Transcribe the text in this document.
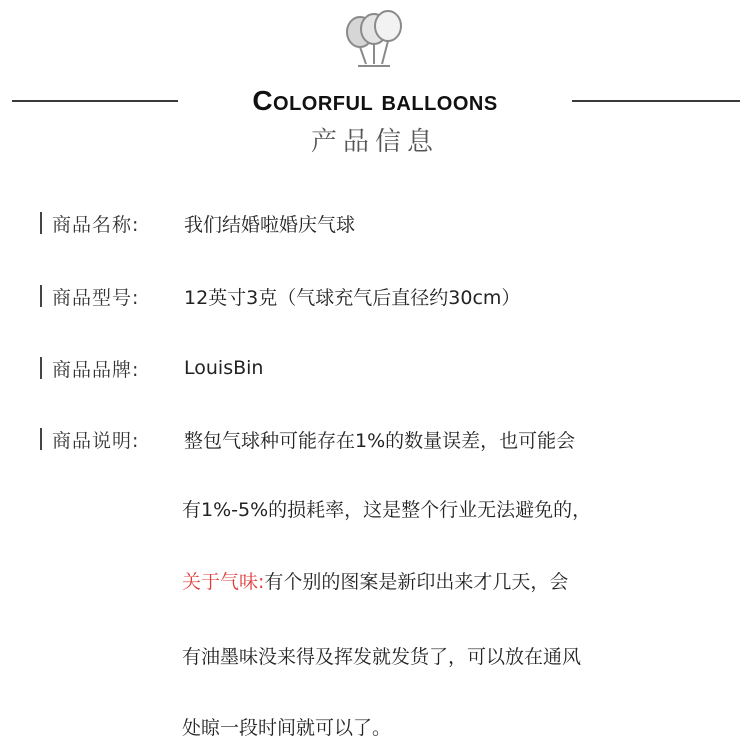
Colorful balloons
产品信息
商品名称:	我们结婚啦婚庆气球
商品型号:	12英寸3克（气球充气后直径约30cm）
商品品牌:	LouisBin
商品说明:	整包气球种可能存在1%的数量误差，也可能会
有1%-5%的损耗率，这是整个行业无法避免的，
关于气味:有个别的图案是新印出来才几天，会
有油墨味没来得及挥发就发货了，可以放在通风
处晾一段时间就可以了。
